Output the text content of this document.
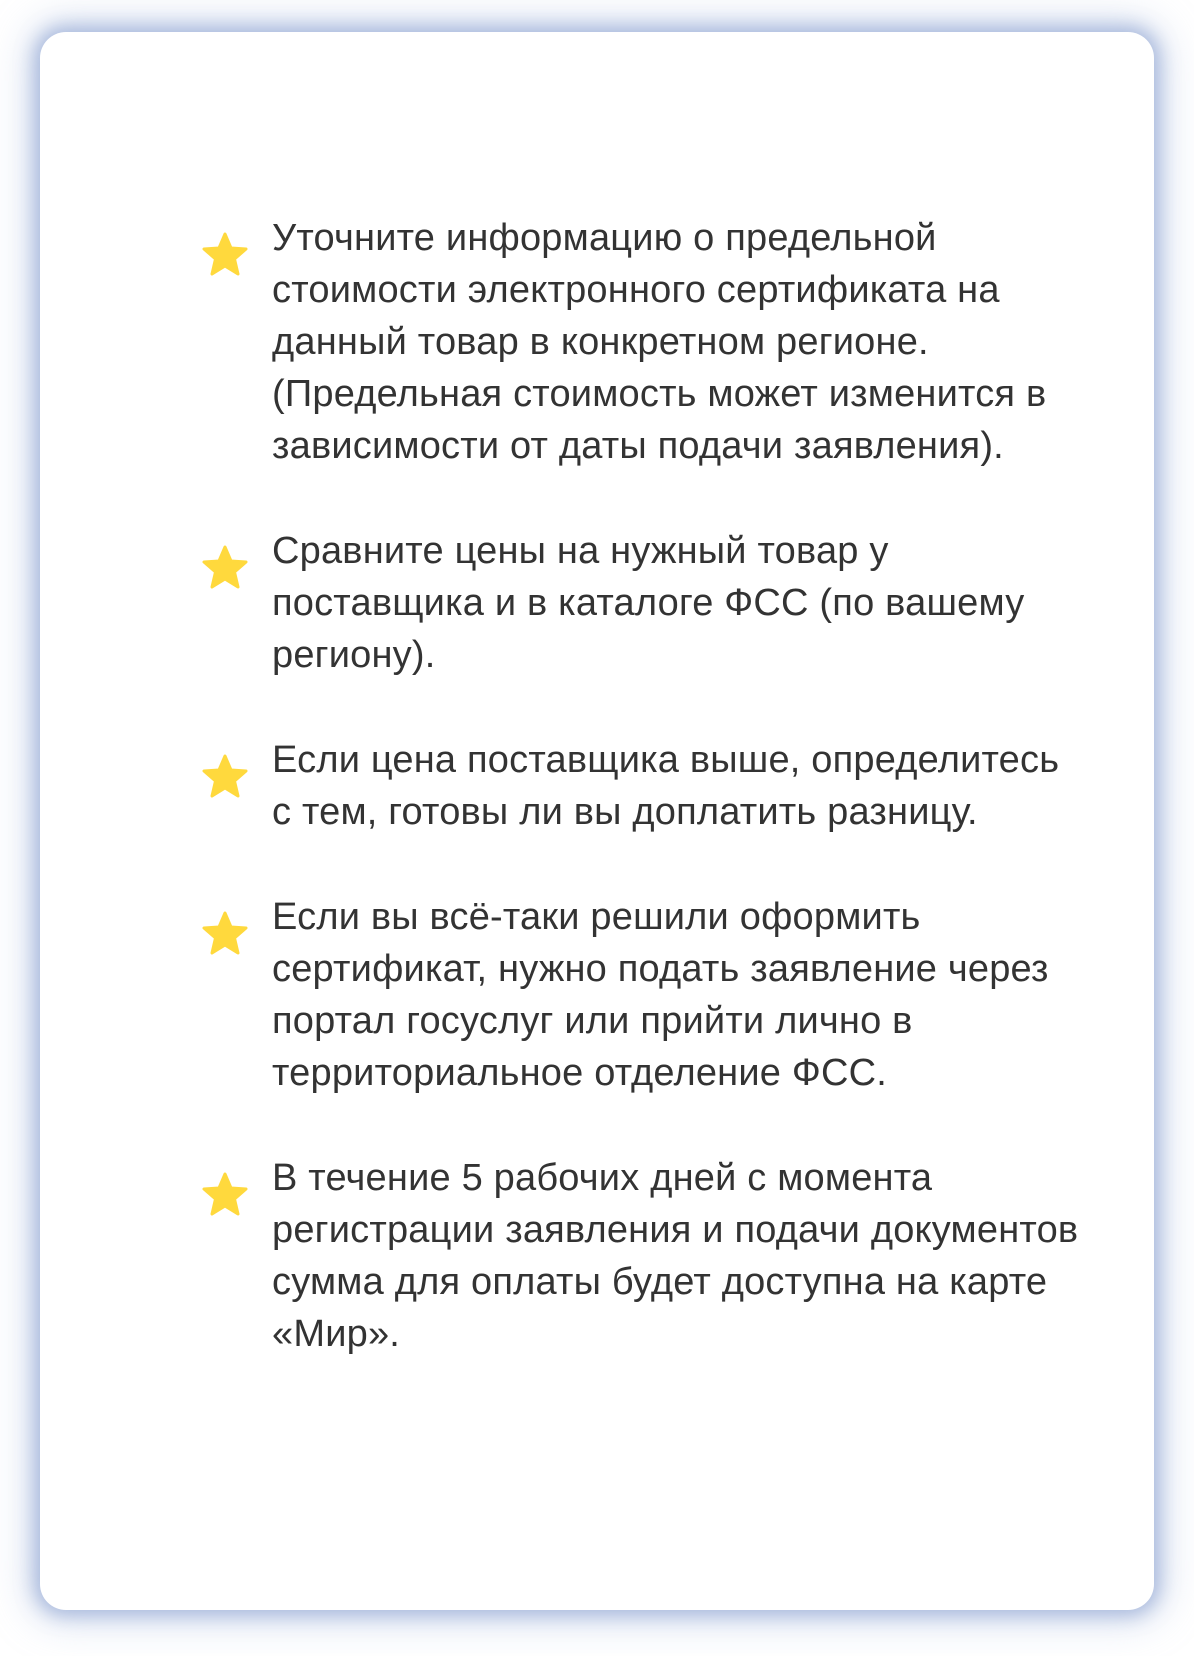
Уточните информацию о предельной стоимости электронного сертификата на данный товар в конкретном регионе. (Предельная стоимость может изменится в зависимости от даты подачи заявления).
Сравните цены на нужный товар у поставщика и в каталоге ФСС (по вашему региону).
Если цена поставщика выше, определитесь с тем, готовы ли вы доплатить разницу.
Если вы всё-таки решили оформить сертификат, нужно подать заявление через портал госуслуг или прийти лично в территориальное отделение ФСС.
В течение 5 рабочих дней с момента регистрации заявления и подачи документов сумма для оплаты будет доступна на карте «Мир».
